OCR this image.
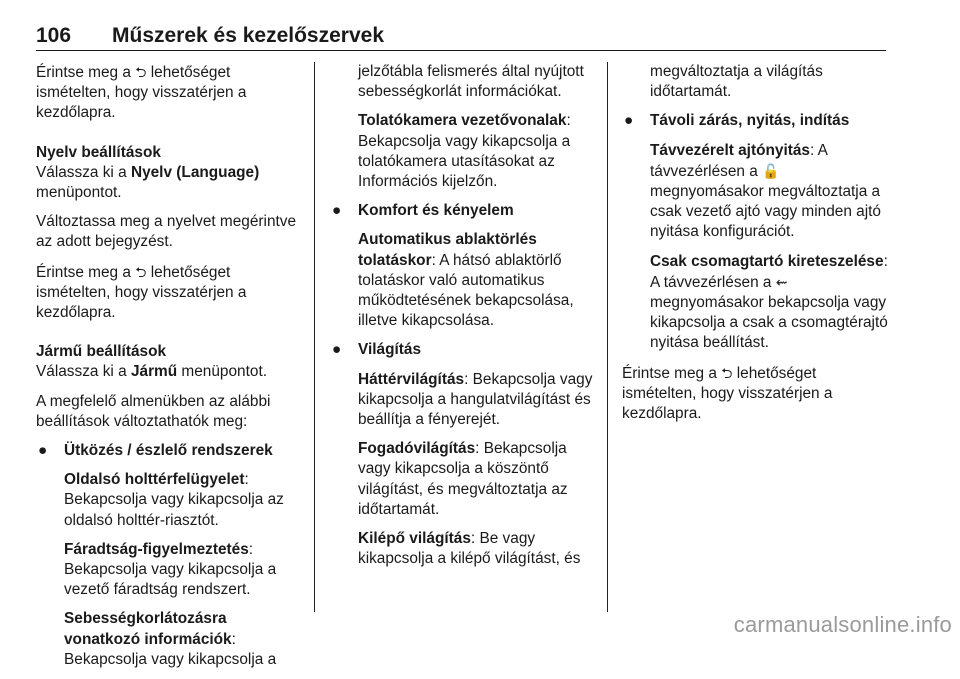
106 Műszerek és kezelőszervek

Érintse meg a ⮌ lehetőséget ismételten, hogy visszatérjen a kezdőlapra.

Nyelv beállítások

Válassza ki a Nyelv (Language) menüpontot.

Változtassa meg a nyelvet megérintve az adott bejegyzést.

Érintse meg a ⮌ lehetőséget ismételten, hogy visszatérjen a kezdőlapra.

Jármű beállítások

Válassza ki a Jármű menüpontot.

A megfelelő almenükben az alábbi beállítások változtathatók meg:

● Ütközés / észlelő rendszerek
Oldalsó holttérfelügyelet: Bekapcsolja vagy kikapcsolja az oldalsó holttér-riasztót.
Fáradtság-figyelmeztetés: Bekapcsolja vagy kikapcsolja a vezető fáradtság rendszert.
Sebességkorlátozásra vonatkozó információk: Bekapcsolja vagy kikapcsolja a
jelzőtábla felismerés által nyújtott sebességkorlát információkat.
Tolatókamera vezetővonalak: Bekapcsolja vagy kikapcsolja a tolatókamera utasításokat az Információs kijelzőn.
● Komfort és kényelem
Automatikus ablaktörlés tolatáskor: A hátsó ablaktörlő tolatáskor való automatikus működtetésének bekapcsolása, illetve kikapcsolása.
● Világítás
Háttérvilágítás: Bekapcsolja vagy kikapcsolja a hangulatvilágítást és beállítja a fényerejét.
Fogadóvilágítás: Bekapcsolja vagy kikapcsolja a köszöntő világítást, és megváltoztatja az időtartamát.
Kilépő világítás: Be vagy kikapcsolja a kilépő világítást, és
megváltoztatja a világítás időtartamát.
● Távoli zárás, nyitás, indítás
Távvezérelt ajtónyitás: A távvezérlésen a 🔓 megnyomásakor megváltoztatja a csak vezető ajtó vagy minden ajtó nyitása konfigurációt.
Csak csomagtartó kireteszelése: A távvezérlésen a ⇜ megnyomásakor bekapcsolja vagy kikapcsolja a csak a csomagtérajtó nyitása beállítást.

Érintse meg a ⮌ lehetőséget ismételten, hogy visszatérjen a kezdőlapra.

carmanualsonline.info
